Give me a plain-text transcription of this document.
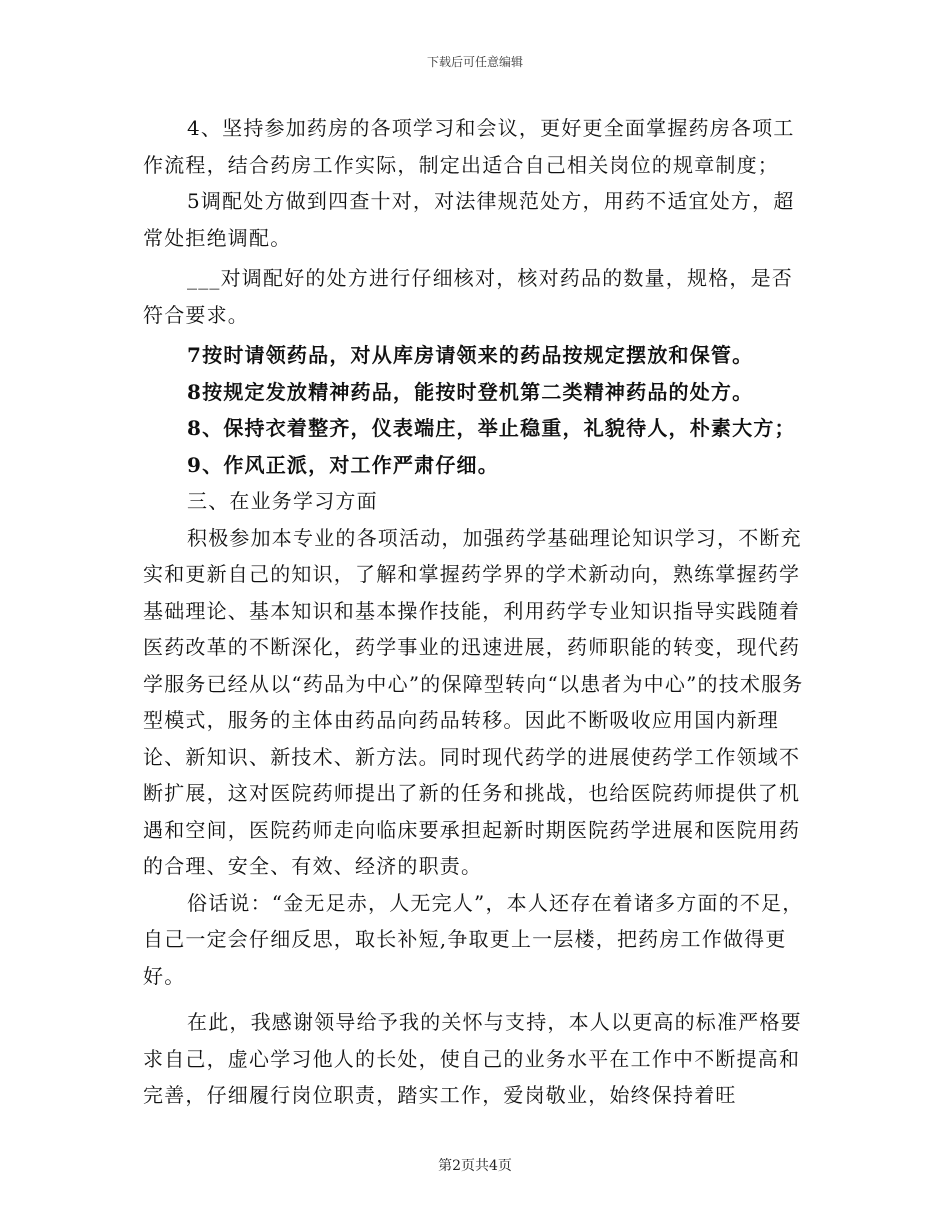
下载后可任意编辑

4、坚持参加药房的各项学习和会议，更好更全面掌握药房各项工作流程，结合药房工作实际，制定出适合自己相关岗位的规章制度；

5调配处方做到四查十对，对法律规范处方，用药不适宜处方，超常处拒绝调配。

___对调配好的处方进行仔细核对，核对药品的数量，规格，是否符合要求。

7按时请领药品，对从库房请领来的药品按规定摆放和保管。

8按规定发放精神药品，能按时登机第二类精神药品的处方。

8、保持衣着整齐，仪表端庄，举止稳重，礼貌待人，朴素大方；

9、作风正派，对工作严肃仔细。

三、在业务学习方面

积极参加本专业的各项活动，加强药学基础理论知识学习，不断充实和更新自己的知识，了解和掌握药学界的学术新动向，熟练掌握药学基础理论、基本知识和基本操作技能，利用药学专业知识指导实践随着医药改革的不断深化，药学事业的迅速进展，药师职能的转变，现代药学服务已经从以“药品为中心”的保障型转向“以患者为中心”的技术服务型模式，服务的主体由药品向药品转移。因此不断吸收应用国内新理论、新知识、新技术、新方法。同时现代药学的进展使药学工作领域不断扩展，这对医院药师提出了新的任务和挑战，也给医院药师提供了机遇和空间，医院药师走向临床要承担起新时期医院药学进展和医院用药的合理、安全、有效、经济的职责。

俗话说：“金无足赤，人无完人”，本人还存在着诸多方面的不足，自己一定会仔细反思，取长补短,争取更上一层楼，把药房工作做得更好。

在此，我感谢领导给予我的关怀与支持，本人以更高的标准严格要求自己，虚心学习他人的长处，使自己的业务水平在工作中不断提高和完善，仔细履行岗位职责，踏实工作，爱岗敬业，始终保持着旺

第2页共4页
